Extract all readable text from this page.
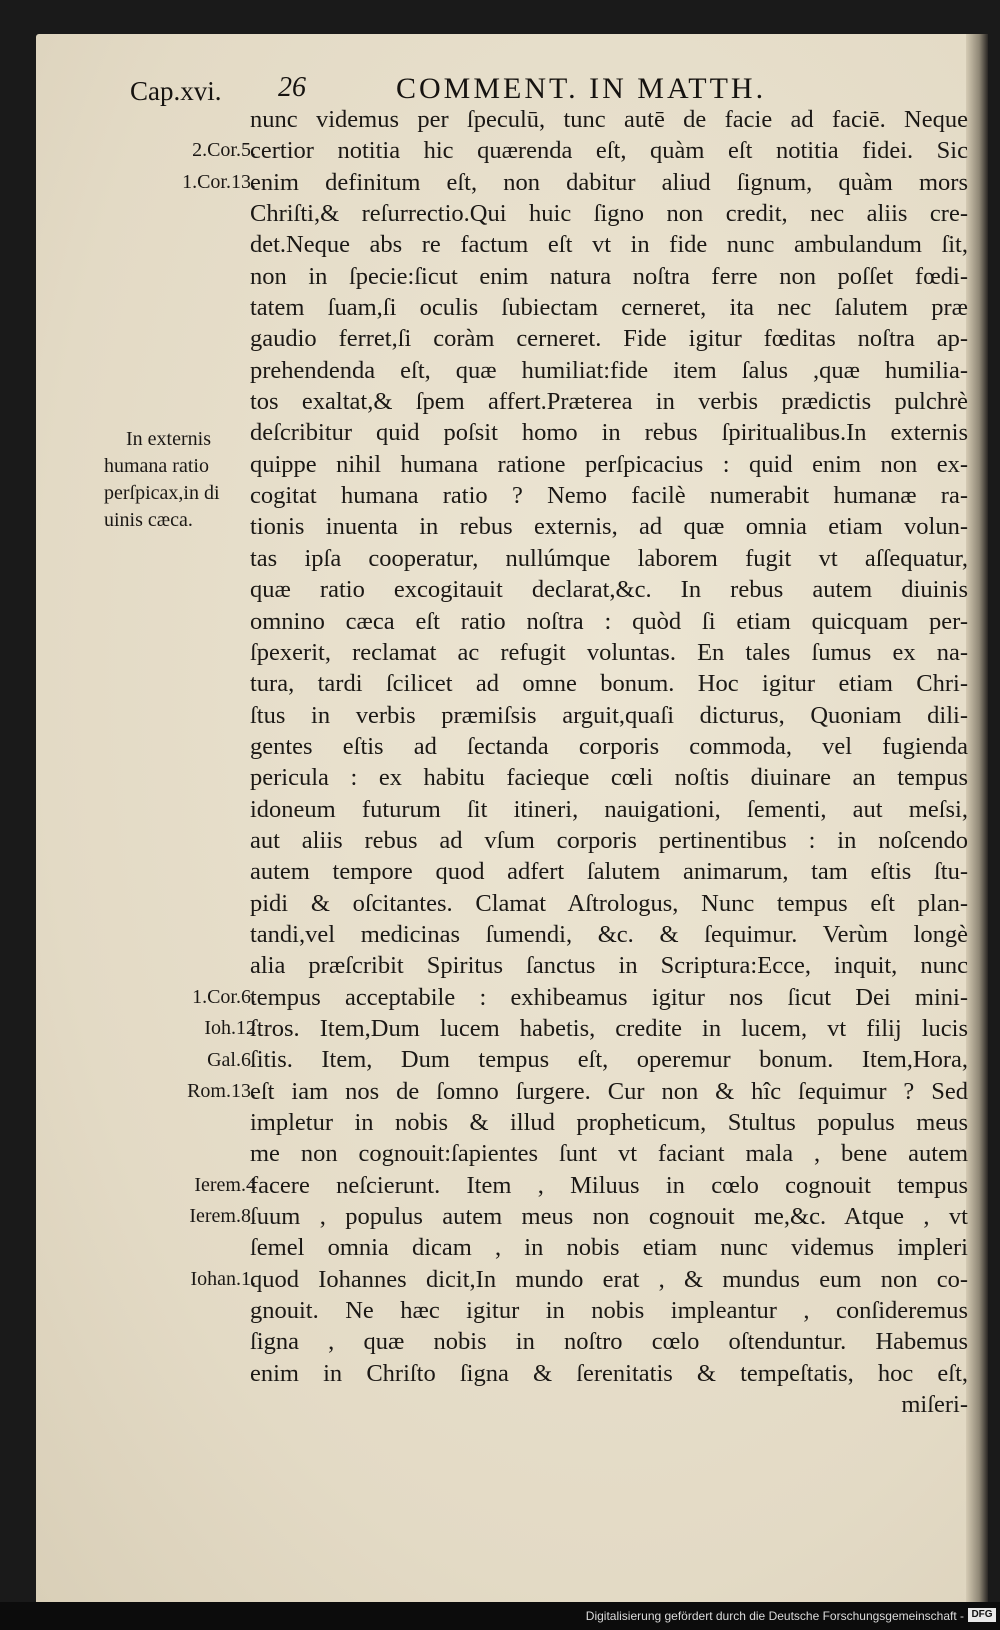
Cap.xvi. 26	COMMENT. IN MATTH.
In externis
humana ratio
perſpicax,in di
uinis cæca.
2.Cor.5.
1.Cor.13.
1.Cor.6.
Ioh.12
Gal.6.
Rom.13.
Ierem.4
Ierem.8.
Iohan.1.
nunc videmus per ſpeculū, tunc autē de facie ad faciē. Neque
certior notitia hic quærenda eſt, quàm eſt notitia fidei. Sic
enim definitum eſt, non dabitur aliud ſignum, quàm mors
Chriſti,& reſurrectio.Qui huic ſigno non credit, nec aliis cre-
det.Neque abs re factum eſt vt in fide nunc ambulandum ſit,
non in ſpecie:ſicut enim natura noſtra ferre non poſſet fœdi-
tatem ſuam,ſi oculis ſubiectam cerneret, ita nec ſalutem præ
gaudio ferret,ſi coràm cerneret. Fide igitur fœditas noſtra ap-
prehendenda eſt, quæ humiliat:fide item ſalus ,quæ humilia-
tos exaltat,& ſpem affert.Præterea in verbis prædictis pulchrè
deſcribitur quid poſsit homo in rebus ſpiritualibus.In externis
quippe nihil humana ratione perſpicacius : quid enim non ex-
cogitat humana ratio ? Nemo facilè numerabit humanæ ra-
tionis inuenta in rebus externis, ad quæ omnia etiam volun-
tas ipſa cooperatur, nullúmque laborem fugit vt aſſequatur,
quæ ratio excogitauit declarat,&c. In rebus autem diuinis
omnino cæca eſt ratio noſtra : quòd ſi etiam quicquam per-
ſpexerit, reclamat ac refugit voluntas. En tales ſumus ex na-
tura, tardi ſcilicet ad omne bonum. Hoc igitur etiam Chri-
ſtus in verbis præmiſsis arguit,quaſi dicturus, Quoniam dili-
gentes eſtis ad ſectanda corporis commoda, vel fugienda
pericula : ex habitu facieque cœli noſtis diuinare an tempus
idoneum futurum ſit itineri, nauigationi, ſementi, aut meſsi,
aut aliis rebus ad vſum corporis pertinentibus : in noſcendo
autem tempore quod adfert ſalutem animarum, tam eſtis ſtu-
pidi & oſcitantes. Clamat Aſtrologus, Nunc tempus eſt plan-
tandi,vel medicinas ſumendi, &c. & ſequimur. Verùm longè
alia præſcribit Spiritus ſanctus in Scriptura:Ecce, inquit, nunc
tempus acceptabile : exhibeamus igitur nos ſicut Dei mini-
ſtros. Item,Dum lucem habetis, credite in lucem, vt filij lucis
ſitis. Item, Dum tempus eſt, operemur bonum. Item,Hora,
eſt iam nos de ſomno ſurgere. Cur non & hîc ſequimur ? Sed
impletur in nobis & illud propheticum, Stultus populus meus
me non cognouit:ſapientes ſunt vt faciant mala , bene autem
facere neſcierunt. Item , Miluus in cœlo cognouit tempus
ſuum , populus autem meus non cognouit me,&c. Atque , vt
ſemel omnia dicam , in nobis etiam nunc videmus impleri
quod Iohannes dicit,In mundo erat , & mundus eum non co-
gnouit. Ne hæc igitur in nobis impleantur , conſideremus
ſigna , quæ nobis in noſtro cœlo oſtenduntur. Habemus
enim in Chriſto ſigna & ſerenitatis & tempeſtatis, hoc eſt,
miſeri-
Digitalisierung gefördert durch die Deutsche Forschungsgemeinschaft - DFG
